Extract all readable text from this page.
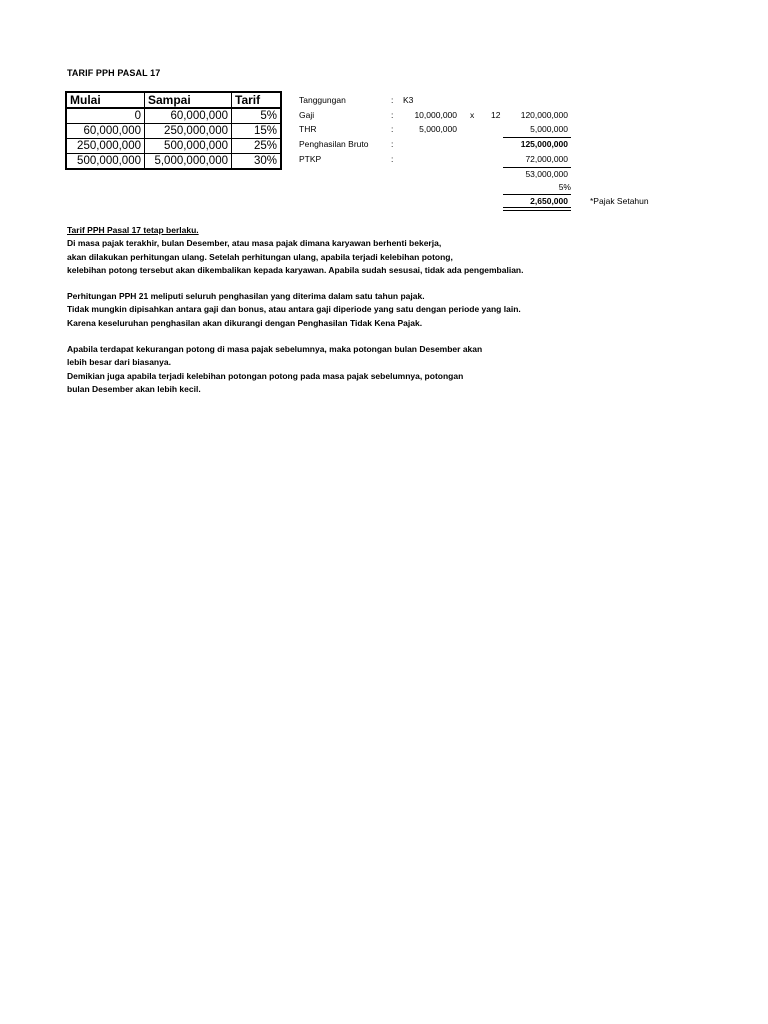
TARIF PPH PASAL 17
Mulai	Sampai	Tarif
0	60,000,000	5%
60,000,000	250,000,000	15%
250,000,000	500,000,000	25%
500,000,000	5,000,000,000	30%
Tanggungan	: K3
Gaji	:	10,000,000 x 12	120,000,000
THR	:	5,000,000	5,000,000
Penghasilan Bruto	:	125,000,000
PTKP	:	72,000,000
53,000,000
5%
2,650,000	*Pajak Setahun
Tarif PPH Pasal 17 tetap berlaku.
Di masa pajak terakhir, bulan Desember, atau masa pajak dimana karyawan berhenti bekerja,
akan dilakukan perhitungan ulang. Setelah perhitungan ulang, apabila terjadi kelebihan potong,
kelebihan potong tersebut akan dikembalikan kepada karyawan. Apabila sudah sesusai, tidak ada pengembalian.
Perhitungan PPH 21 meliputi seluruh penghasilan yang diterima dalam satu tahun pajak.
Tidak mungkin dipisahkan antara gaji dan bonus, atau antara gaji diperiode yang satu dengan periode yang lain.
Karena keseluruhan penghasilan akan dikurangi dengan Penghasilan Tidak Kena Pajak.
Apabila terdapat kekurangan potong di masa pajak sebelumnya, maka potongan bulan Desember akan
lebih besar dari biasanya.
Demikian juga apabila terjadi kelebihan potongan potong pada masa pajak sebelumnya, potongan
bulan Desember akan lebih kecil.
